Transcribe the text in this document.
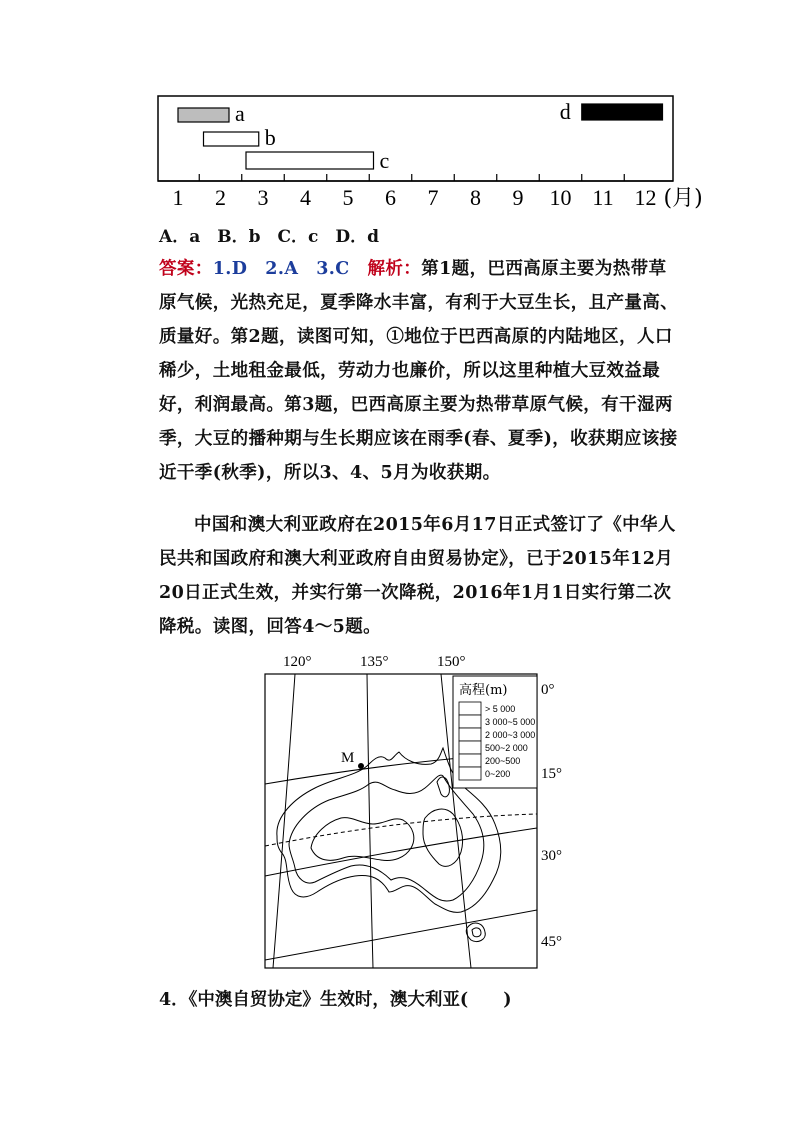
a
b
c
d
1 2 3 4 5 6 7 8 9 10 11 12 (月)
A．a　B．b　C．c　D．d

答案：1.D　2.A　3.C　 解析：第1题，巴西高原主要为热带草原气候，光热充足，夏季降水丰富，有利于大豆生长，且产量高、质量好。第2题，读图可知，①地位于巴西高原的内陆地区，人口稀少，土地租金最低，劳动力也廉价，所以这里种植大豆效益最好，利润最高。第3题，巴西高原主要为热带草原气候，有干湿两季，大豆的播种期与生长期应该在雨季(春、夏季)，收获期应该接近干季(秋季)，所以3、4、5月为收获期。

中国和澳大利亚政府在2015年6月17日正式签订了《中华人民共和国政府和澳大利亚政府自由贸易协定》，已于2015年12月20日正式生效，并实行第一次降税，2016年1月1日实行第二次降税。读图，回答4～5题。

120°	135°	150°
0°
15°
30°
45°
M
高程(m)
> 5 000
3 000~5 000
2 000~3 000
500~2 000
200~500
0~200
4．《中澳自贸协定》生效时，澳大利亚(　　)
